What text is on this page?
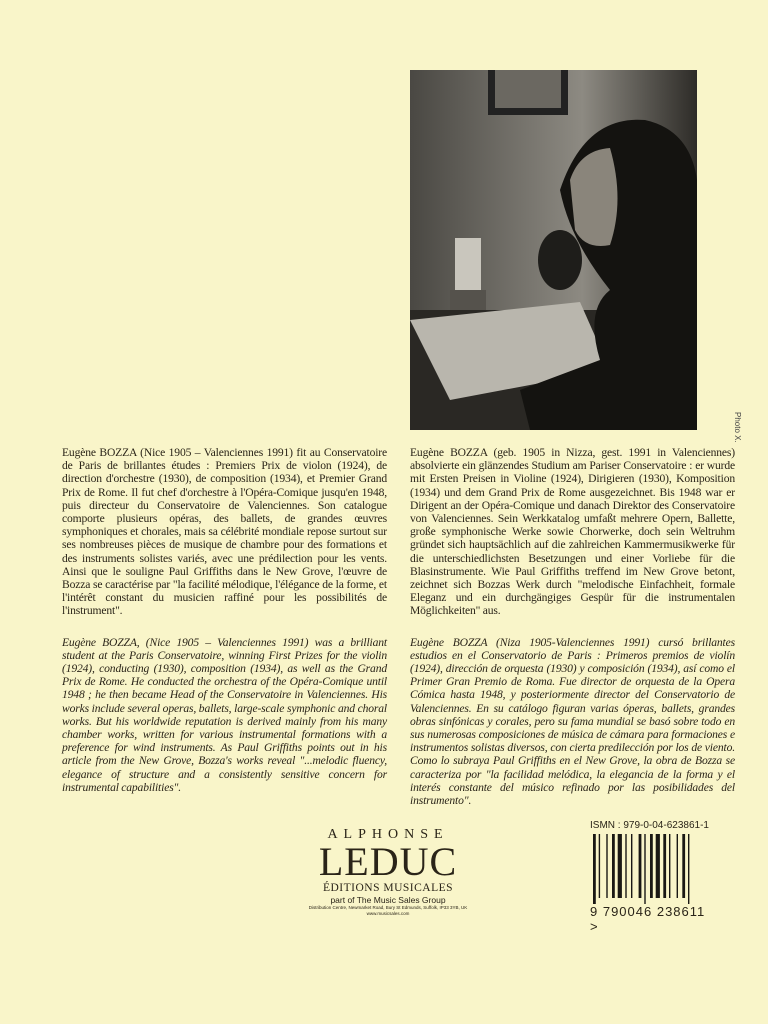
Photo X.
Eugène BOZZA (Nice 1905 – Valenciennes 1991) fit au Conservatoire de Paris de brillantes études : Premiers Prix de violon (1924), de direction d'orchestre (1930), de composition (1934), et Premier Grand Prix de Rome. Il fut chef d'orchestre à l'Opéra-Comique jusqu'en 1948, puis directeur du Conservatoire de Valenciennes. Son catalogue comporte plusieurs opéras, des ballets, de grandes œuvres symphoniques et chorales, mais sa célébrité mondiale repose surtout sur ses nombreuses pièces de musique de chambre pour des formations et des instruments solistes variés, avec une prédilection pour les vents. Ainsi que le souligne Paul Griffiths dans le New Grove, l'œuvre de Bozza se caractérise par "la facilité mélodique, l'élégance de la forme, et l'intérêt constant du musicien raffiné pour les possibilités de l'instrument".
Eugène BOZZA, (Nice 1905 – Valenciennes 1991) was a brilliant student at the Paris Conservatoire, winning First Prizes for the violin (1924), conducting (1930), composition (1934), as well as the Grand Prix de Rome. He conducted the orchestra of the Opéra-Comique until 1948 ; he then became Head of the Conservatoire in Valenciennes. His works include several operas, ballets, large-scale symphonic and choral works. But his worldwide reputation is derived mainly from his many chamber works, written for various instrumental formations with a preference for wind instruments. As Paul Griffiths points out in his article from the New Grove, Bozza's works reveal "...melodic fluency, elegance of structure and a consistently sensitive concern for instrumental capabilities".
Eugène BOZZA (geb. 1905 in Nizza, gest. 1991 in Valenciennes) absolvierte ein glänzendes Studium am Pariser Conservatoire : er wurde mit Ersten Preisen in Violine (1924), Dirigieren (1930), Komposition (1934) und dem Grand Prix de Rome ausgezeichnet. Bis 1948 war er Dirigent an der Opéra-Comique und danach Direktor des Conservatoire von Valenciennes. Sein Werkkatalog umfaßt mehrere Opern, Ballette, große symphonische Werke sowie Chorwerke, doch sein Weltruhm gründet sich hauptsächlich auf die zahlreichen Kammermusikwerke für die unterschiedlichsten Besetzungen und einer Vorliebe für die Blasinstrumente. Wie Paul Griffiths treffend im New Grove betont, zeichnet sich Bozzas Werk durch "melodische Einfachheit, formale Eleganz und ein durchgängiges Gespür für die instrumentalen Möglichkeiten" aus.
Eugène BOZZA (Niza 1905-Valenciennes 1991) cursó brillantes estudios en el Conservatorio de Paris : Primeros premios de violín (1924), dirección de orquesta (1930) y composición (1934), así como el Primer Gran Premio de Roma. Fue director de orquesta de la Opera Cómica hasta 1948, y posteriormente director del Conservatorio de Valenciennes. En su catálogo figuran varias óperas, ballets, grandes obras sinfónicas y corales, pero su fama mundial se basó sobre todo en sus numerosas composiciones de música de cámara para formaciones e instrumentos solistas diversos, con cierta predilección por los de viento. Como lo subraya Paul Griffiths en el New Grove, la obra de Bozza se caracteriza por "la facilidad melódica, la elegancia de la forma y el interés constante del músico refinado por las posibilidades del instrumento".
ALPHONSE
LEDUC
ÉDITIONS MUSICALES
part of The Music Sales Group
Distribution Centre, Newmarket Road, Bury St Edmunds, Suffolk, IP33 3YB, UK
www.musicsales.com
ISMN : 979-0-04-623861-1
9 790046 238611 >
